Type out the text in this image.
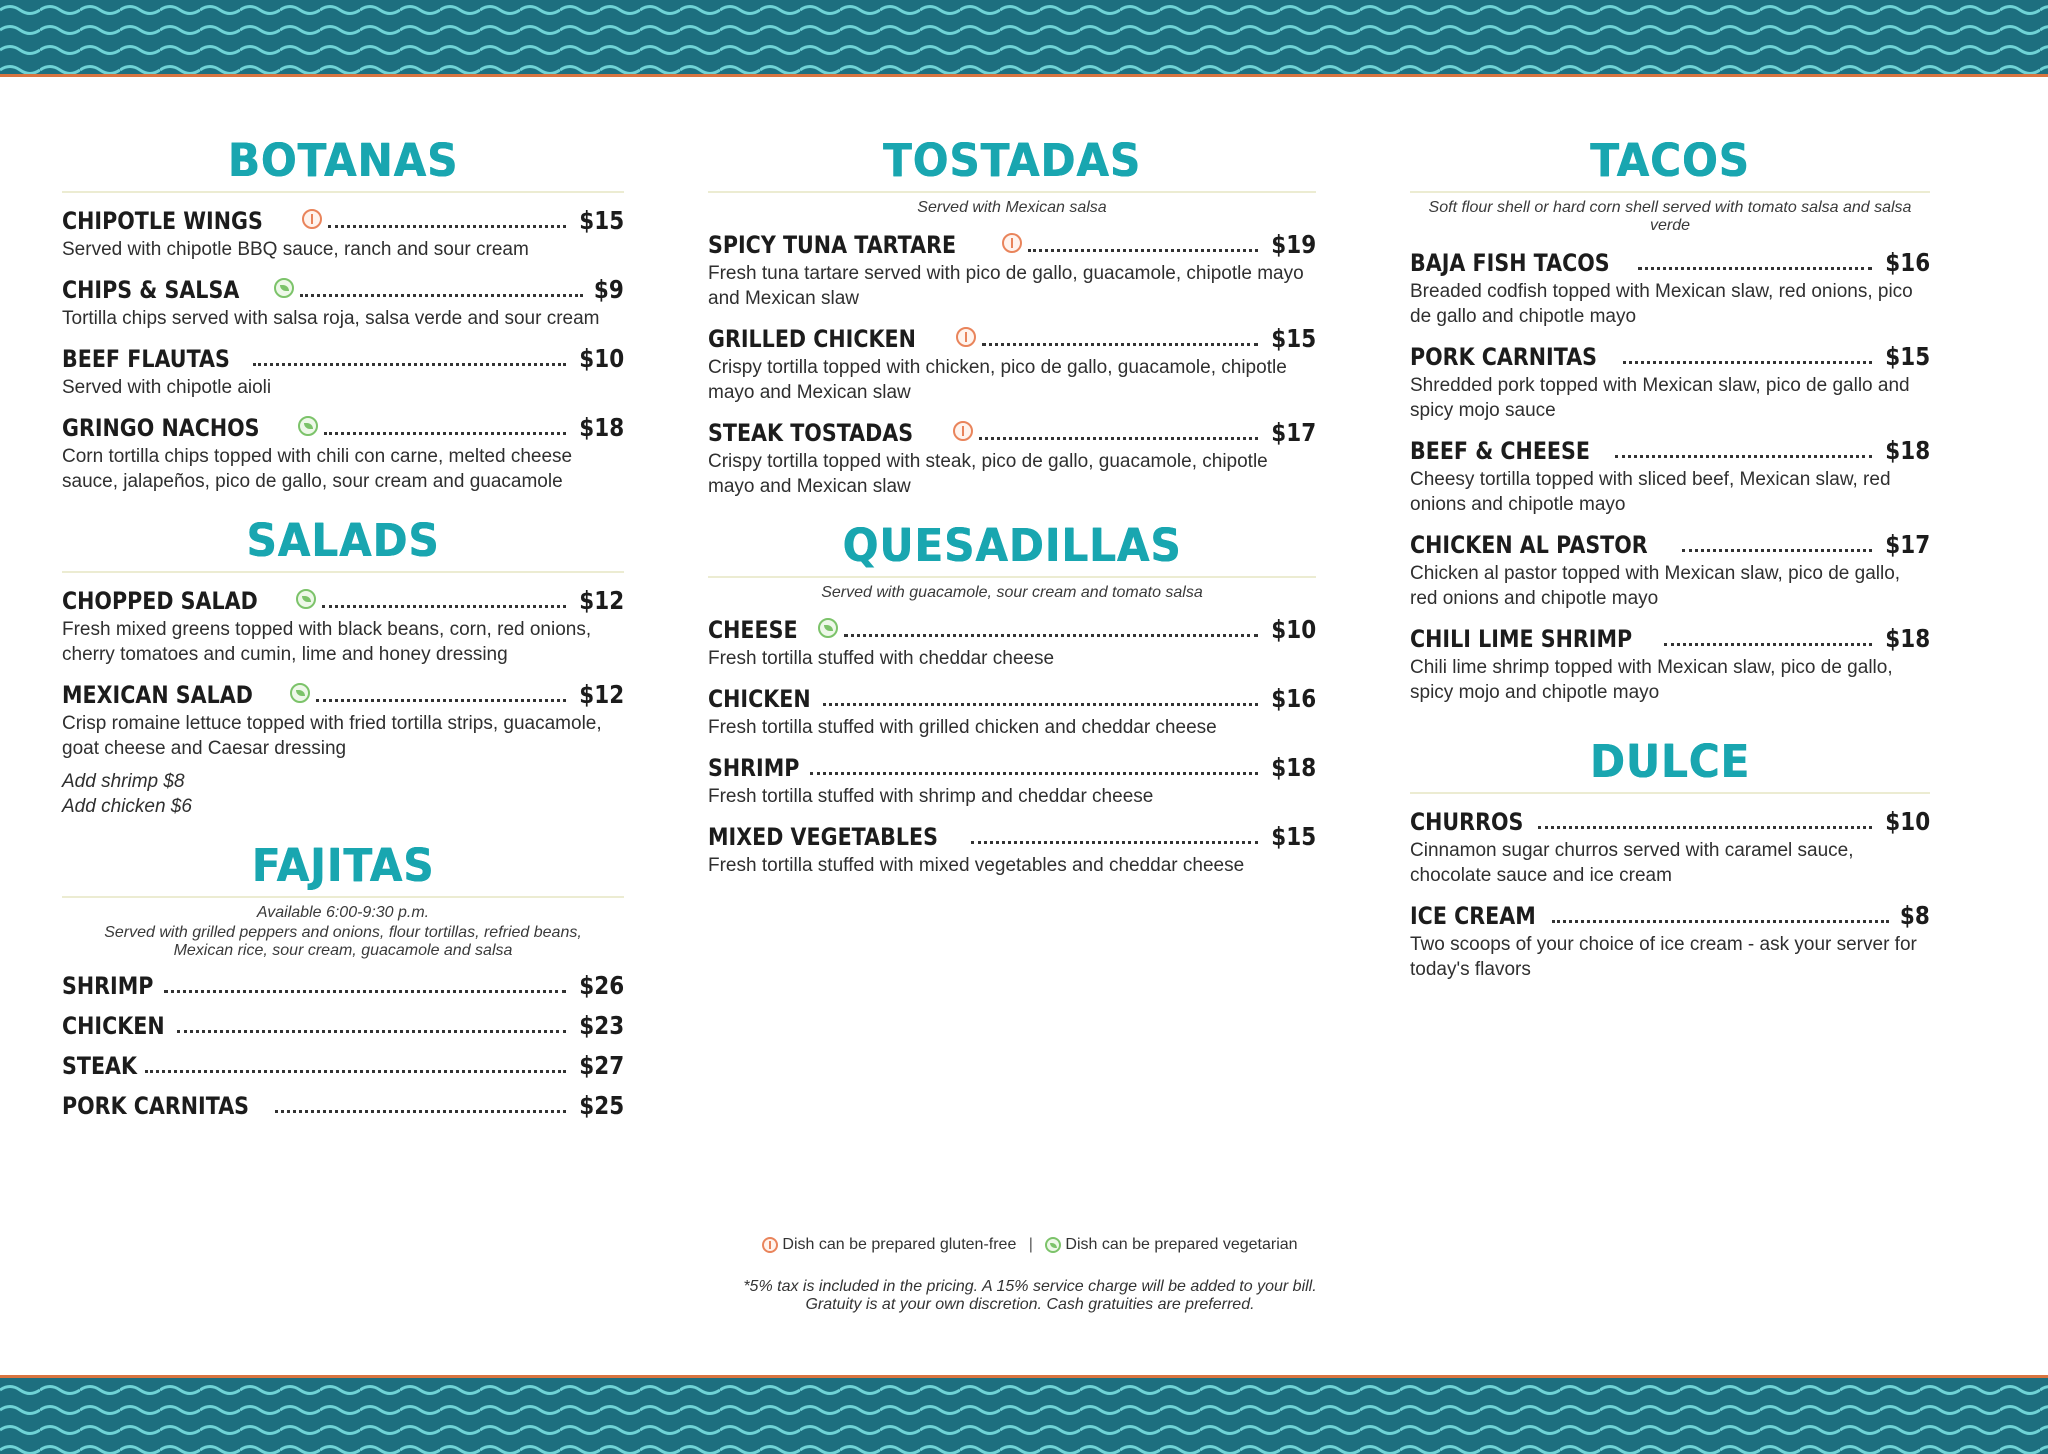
BOTANAS
CHIPOTLE WINGS	$15
Served with chipotle BBQ sauce, ranch and sour cream
CHIPS & SALSA	$9
Tortilla chips served with salsa roja, salsa verde and sour cream
BEEF FLAUTAS	$10
Served with chipotle aioli
GRINGO NACHOS	$18
Corn tortilla chips topped with chili con carne, melted cheese sauce, jalapeños, pico de gallo, sour cream and guacamole
SALADS
CHOPPED SALAD	$12
Fresh mixed greens topped with black beans, corn, red onions, cherry tomatoes and cumin, lime and honey dressing
MEXICAN SALAD	$12
Crisp romaine lettuce topped with fried tortilla strips, guacamole, goat cheese and Caesar dressing
Add shrimp $8
Add chicken $6
FAJITAS
Available 6:00-9:30 p.m.
Served with grilled peppers and onions, flour tortillas, refried beans, Mexican rice, sour cream, guacamole and salsa
SHRIMP	$26
CHICKEN	$23
STEAK	$27
PORK CARNITAS	$25
TOSTADAS
Served with Mexican salsa
SPICY TUNA TARTARE	$19
Fresh tuna tartare served with pico de gallo, guacamole, chipotle mayo and Mexican slaw
GRILLED CHICKEN	$15
Crispy tortilla topped with chicken, pico de gallo, guacamole, chipotle mayo and Mexican slaw
STEAK TOSTADAS	$17
Crispy tortilla topped with steak, pico de gallo, guacamole, chipotle mayo and Mexican slaw
QUESADILLAS
Served with guacamole, sour cream and tomato salsa
CHEESE	$10
Fresh tortilla stuffed with cheddar cheese
CHICKEN	$16
Fresh tortilla stuffed with grilled chicken and cheddar cheese
SHRIMP	$18
Fresh tortilla stuffed with shrimp and cheddar cheese
MIXED VEGETABLES	$15
Fresh tortilla stuffed with mixed vegetables and cheddar cheese
TACOS
Soft flour shell or hard corn shell served with tomato salsa and salsa verde
BAJA FISH TACOS	$16
Breaded codfish topped with Mexican slaw, red onions, pico de gallo and chipotle mayo
PORK CARNITAS	$15
Shredded pork topped with Mexican slaw, pico de gallo and spicy mojo sauce
BEEF & CHEESE	$18
Cheesy tortilla topped with sliced beef, Mexican slaw, red onions and chipotle mayo
CHICKEN AL PASTOR	$17
Chicken al pastor topped with Mexican slaw, pico de gallo, red onions and chipotle mayo
CHILI LIME SHRIMP	$18
Chili lime shrimp topped with Mexican slaw, pico de gallo, spicy mojo and chipotle mayo
DULCE
CHURROS	$10
Cinnamon sugar churros served with caramel sauce, chocolate sauce and ice cream
ICE CREAM	$8
Two scoops of your choice of ice cream - ask your server for today's flavors
Dish can be prepared gluten-free | Dish can be prepared vegetarian
*5% tax is included in the pricing. A 15% service charge will be added to your bill. Gratuity is at your own discretion. Cash gratuities are preferred.
